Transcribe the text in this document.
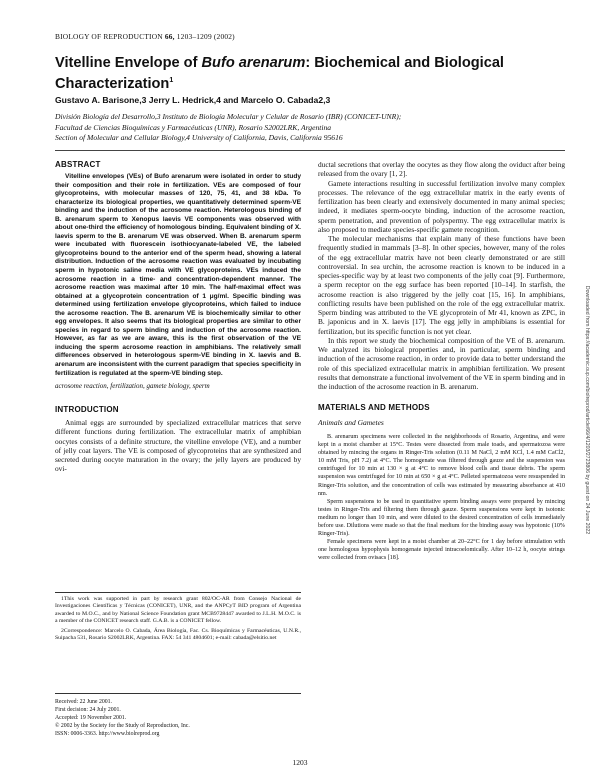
BIOLOGY OF REPRODUCTION 66, 1203–1209 (2002)
Vitelline Envelope of Bufo arenarum: Biochemical and Biological Characterization$^1$
Gustavo A. Barisone,3 Jerry L. Hedrick,4 and Marcelo O. Cabada2,3
División Biología del Desarrollo,3 Instituto de Biología Molecular y Celular de Rosario (IBR) (CONICET-UNR);
Facultad de Ciencias Bioquímicas y Farmacéuticas (UNR), Rosario S2002LRK, Argentina
Section of Molecular and Cellular Biology,4 University of California, Davis, California 95616
ABSTRACT
Vitelline envelopes (VEs) of Bufo arenarum were isolated in order to study their composition and their role in fertilization. VEs are composed of four glycoproteins, with molecular masses of 120, 75, 41, and 38 kDa. To characterize its biological properties, we quantitatively determined sperm-VE binding and the induction of the acrosome reaction. Heterologous binding of B. arenarum sperm to Xenopus laevis VE components was observed with about one-third the efficiency of homologous binding. Equivalent binding of X. laevis sperm to the B. arenarum VE was observed. When B. arenarum sperm were incubated with fluorescein isothiocyanate-labeled VE, the labeled glycoproteins bound to the anterior end of the sperm head, showing a lateral distribution. Induction of the acrosome reaction was evaluated by incubating sperm in hypotonic saline media with VE glycoproteins. VEs induced the acrosome reaction in a time- and concentration-dependent manner. The acrosome reaction was maximal after 10 min. The half-maximal effect was obtained at a glycoprotein concentration of 1 μg/ml. Specific binding was determined using fertilization envelope glycoproteins, which failed to induce the acrosome reaction. The B. arenarum VE is biochemically similar to other egg envelopes. It also seems that its biological properties are similar to other species in regard to sperm binding and induction of the acrosome reaction. However, as far as we are aware, this is the first observation of the VE inducing the sperm acrosome reaction in amphibians. The relatively small differences observed in heterologous sperm-VE binding in X. laevis and B. arenarum are inconsistent with the current paradigm that species specificity in fertilization is regulated at the sperm-VE binding step.
acrosome reaction, fertilization, gamete biology, sperm
INTRODUCTION
Animal eggs are surrounded by specialized extracellular matrices that serve different functions during fertilization. The extracellular matrix of amphibian oocytes consists of a definite structure, the vitelline envelope (VE), and a number of jelly coat layers. The VE is composed of glycoproteins that are synthesized and secreted during oocyte maturation in the ovary; the jelly layers are produced by ovi-
1This work was supported in part by research grant 802/OC-AR from Consejo Nacional de Investigaciones Científicas y Técnicas (CONICET), UNR, and the ANPCyT BID program of Argentina awarded to M.O.C., and by National Science Foundation grant MCB9728447 awarded to J.L.H. M.O.C. is a member of the CONICET research staff. G.A.B. is a CONICET fellow.
2Correspondence: Marcelo O. Cabada, Área Biología, Fac. Cs. Bioquímicas y Farmacéuticas, U.N.R., Suipacha 531, Rosario S2002LRK, Argentina. FAX: 54 341 4804601; e-mail: cabada@elsitio.net
Received: 22 June 2001.
First decision: 24 July 2001.
Accepted: 19 November 2001.
© 2002 by the Society for the Study of Reproduction, Inc.
ISSN: 0006-3363. http://www.biolreprod.org

ductal secretions that overlay the oocytes as they flow along the oviduct after being released from the ovary [1, 2].

Gamete interactions resulting in successful fertilization involve many complex processes. The relevance of the egg extracellular matrix in the early events of fertilization has been clearly and extensively documented in many animal species; indeed, it mediates sperm-oocyte binding, induction of the acrosome reaction, sperm penetration, and prevention of polyspermy. The egg extracellular matrix is also proposed to mediate species-specific gamete recognition.

The molecular mechanisms that explain many of these functions have been frequently studied in mammals [3–8]. In other species, however, many of the roles of the egg extracellular matrix have not been clearly demonstrated or are still controversial. In sea urchin, the acrosome reaction is known to be induced in a species-specific way by at least two components of the jelly coat [9]. Furthermore, a sperm receptor on the egg surface has been reported [10–14]. In starfish, the acrosome reaction is also triggered by the jelly coat [15, 16]. In amphibians, conflicting results have been published on the role of the egg extracellular matrix. Sperm binding was attributed to the VE glycoprotein of Mr 41, known as ZPC, in B. japonicus and in X. laevis [17]. The egg jelly in amphibians is essential for fertilization, but its specific function is not yet clear.

In this report we study the biochemical composition of the VE of B. arenarum. We analyzed its biological properties and, in particular, sperm binding and induction of the acrosome reaction, in order to provide data to better understand the role of this specialized extracellular matrix in amphibian fertilization. We present results that demonstrate a functional involvement of the VE in sperm binding and in the induction of the acrosome reaction in B. arenarum.

MATERIALS AND METHODS
Animals and Gametes

B. arenarum specimens were collected in the neighborhoods of Rosario, Argentina, and were kept in a moist chamber at 15°C. Testes were dissected from male toads, and spermatozoa were obtained by mincing the organs in Ringer-Tris solution (0.11 M NaCl, 2 mM KCl, 1.4 mM CaCl2, 10 mM Tris, pH 7.2) at 4°C. The homogenate was filtered through gauze and the suspension was centrifuged for 10 min at 130 × g at 4°C to remove blood cells and tissue debris. The sperm suspension was centrifuged for 10 min at 650 × g at 4°C. Pelleted spermatozoa were resuspended in Ringer-Tris solution, and the concentration of cells was estimated by measuring absorbance at 410 nm.

Sperm suspensions to be used in quantitative sperm binding assays were prepared by mincing testes in Ringer-Tris and filtering them through gauze. Sperm suspensions were kept in isotonic medium no longer than 10 min, and were diluted to the desired concentration of cells immediately before use. Dilutions were made so that the final medium for the binding assay was hypotonic (10% Ringer-Tris).

Female specimens were kept in a moist chamber at 20–22°C for 1 day before stimulation with one homologous hypophysis homogenate injected intracoelomically. After 10–12 h, oocyte strings were collected from ovisacs [18].

Downloaded from https://academic.oup.com/biolreprod/article/66/4/1203/2723806 by guest on 24 June 2022
1203
